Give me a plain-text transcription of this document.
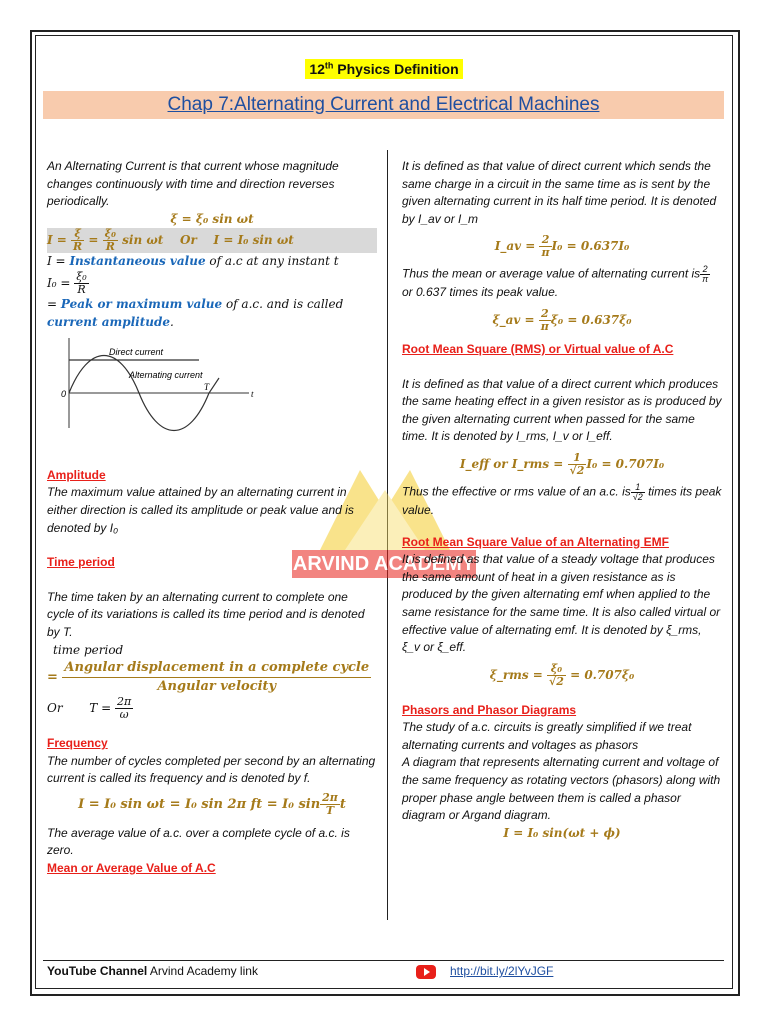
12th Physics Definition
Chap 7:Alternating Current and Electrical Machines
ARVIND ACADEMY

An Alternating Current is that current whose magnitude changes continuously with time and direction reverses periodically.

ξ = ξ₀ sin ωt

$I = \frac{\xi}{R} = \frac{\text{ξ₀}}{R}$ sin ωt Or I = I₀ sin ωt

I = Instantaneous value of a.c at any instant t

$I_0 = \frac{\text{ξ₀}}{R}$

= Peak or maximum value of a.c. and is called
current amplitude.

Direct current
Alternating current
0
T
t

Amplitude

The maximum value attained by an alternating current in either direction is called its amplitude or peak value and is denoted by I₀

Time period

The time taken by an alternating current to complete one cycle of its variations is called its time period and is denoted by T.

time period

= $\frac{\text{Angular displacement in a complete cycle}}{\text{Angular velocity}}$

Or $T = \frac{2\pi}{\omega}$

Frequency

The number of cycles completed per second by an alternating current is called its frequency and is denoted by f.

I = I₀ sin ωt = I₀ sin 2π ft = I₀ $\sin \frac{2\pi}{T}$ t

The average value of a.c. over a complete cycle of a.c. is zero.

Mean or Average Value of A.C

It is defined as that value of direct current which sends the same charge in a circuit in the same time as is sent by the given alternating current in its half time period. It is denoted by I_av or I_m

I_av = $\frac{2}{\pi} I_0 = 0.637I_0$

Thus the mean or average value of alternating current is $\frac{2}{\pi}$
or 0.637 times its peak value.

ξ_av = $\frac{2}{\pi} \xi_0 = 0.637\xi_0$

Root Mean Square (RMS) or Virtual value of A.C

It is defined as that value of a direct current which produces the same heating effect in a given resistor as is produced by the given alternating current when passed for the same time. It is denoted by I_rms, I_v or I_eff.

I_eff or I_rms = $\frac{1}{√2} I_0 = 0.707I_0$

Thus the effective or rms value of an a.c. is $\frac{1}{√2}$ times its peak value.

Root Mean Square Value of an Alternating EMF

It is defined as that value of a steady voltage that produces the same amount of heat in a given resistance as is produced by the given alternating emf when applied to the same resistance for the same time. It is also called virtual or effective value of alternating emf. It is denoted by ξ_rms, ξ_v or ξ_eff.

ξ_rms = $\frac{\text{ξ₀}}{√2} = 0.707\xi_0$

Phasors and Phasor Diagrams

The study of a.c. circuits is greatly simplified if we treat alternating currents and voltages as phasors

A diagram that represents alternating current and voltage of the same frequency as rotating vectors (phasors) along with proper phase angle between them is called a phasor diagram or Argand diagram.

I = I₀ sin(ωt + ϕ)

YouTube Channel Arvind Academy link	http://bit.ly/2lYvJGF
